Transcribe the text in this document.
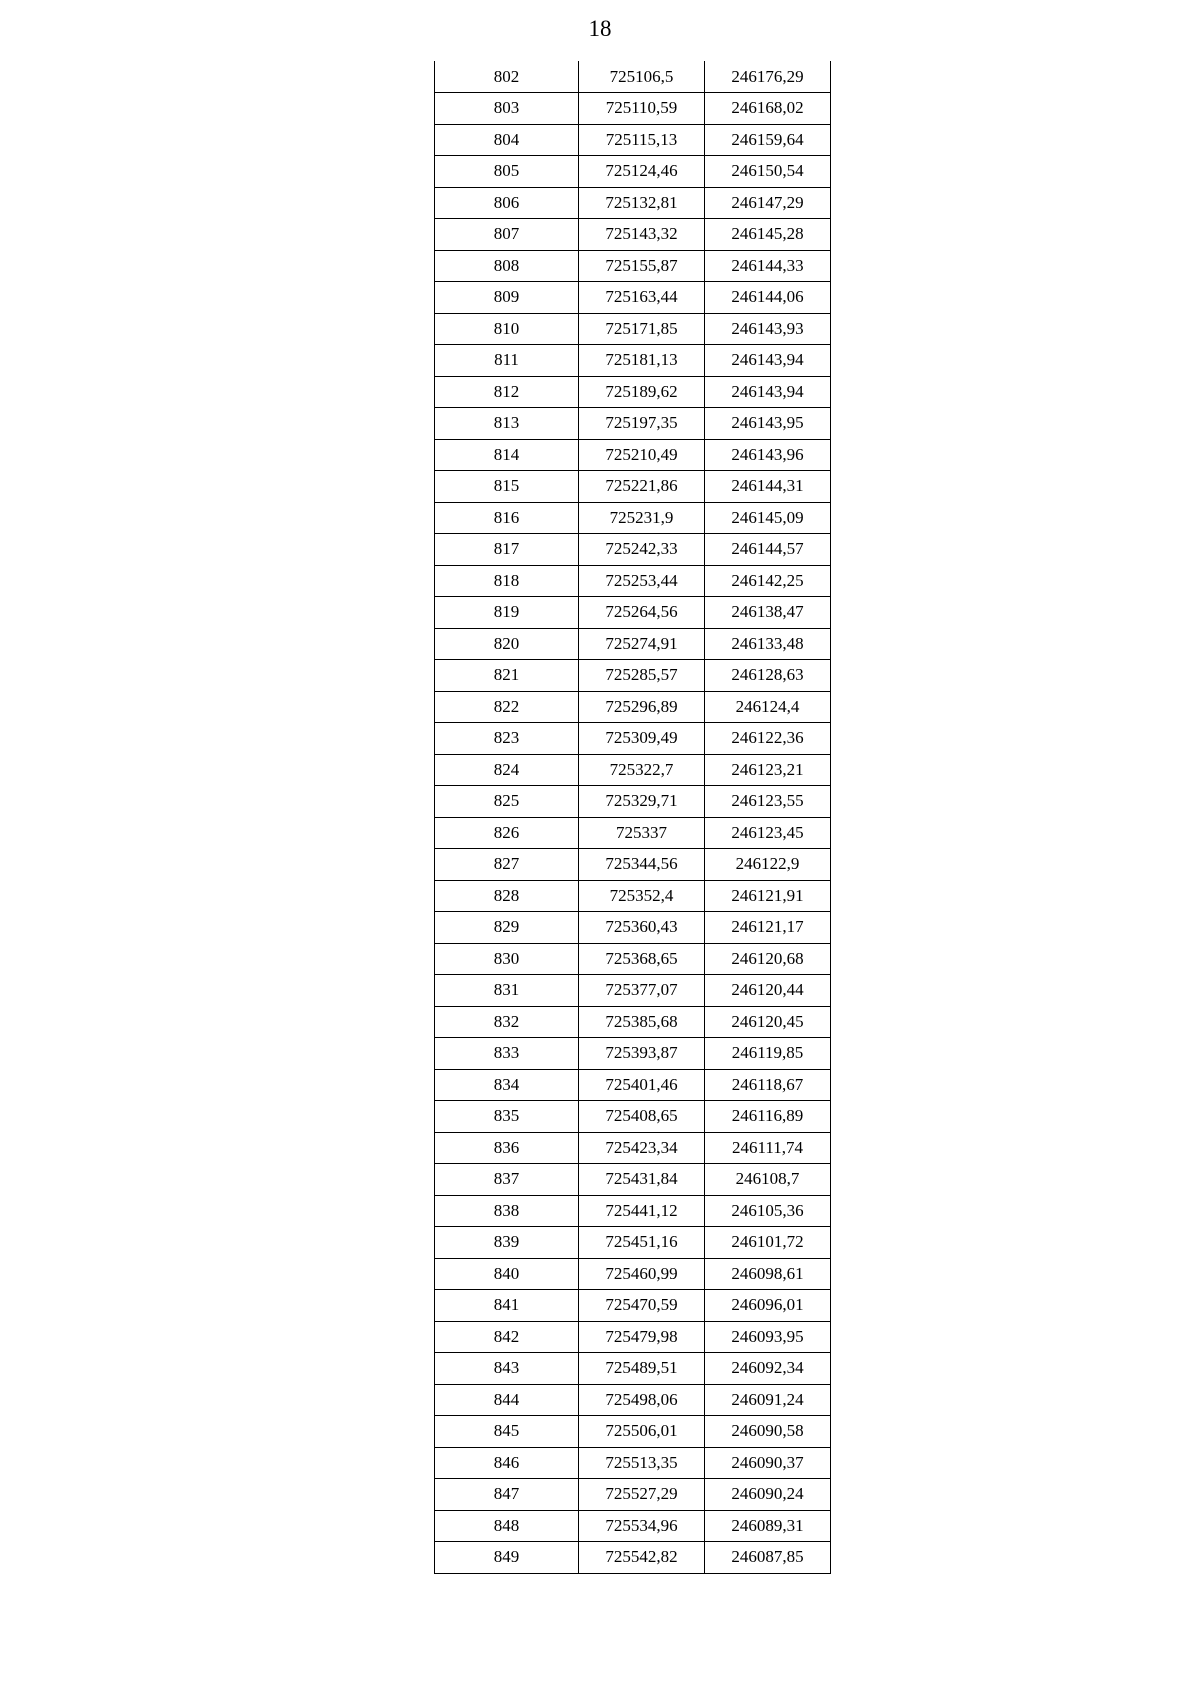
18
802	725106,5	246176,29
803	725110,59	246168,02
804	725115,13	246159,64
805	725124,46	246150,54
806	725132,81	246147,29
807	725143,32	246145,28
808	725155,87	246144,33
809	725163,44	246144,06
810	725171,85	246143,93
811	725181,13	246143,94
812	725189,62	246143,94
813	725197,35	246143,95
814	725210,49	246143,96
815	725221,86	246144,31
816	725231,9	246145,09
817	725242,33	246144,57
818	725253,44	246142,25
819	725264,56	246138,47
820	725274,91	246133,48
821	725285,57	246128,63
822	725296,89	246124,4
823	725309,49	246122,36
824	725322,7	246123,21
825	725329,71	246123,55
826	725337	246123,45
827	725344,56	246122,9
828	725352,4	246121,91
829	725360,43	246121,17
830	725368,65	246120,68
831	725377,07	246120,44
832	725385,68	246120,45
833	725393,87	246119,85
834	725401,46	246118,67
835	725408,65	246116,89
836	725423,34	246111,74
837	725431,84	246108,7
838	725441,12	246105,36
839	725451,16	246101,72
840	725460,99	246098,61
841	725470,59	246096,01
842	725479,98	246093,95
843	725489,51	246092,34
844	725498,06	246091,24
845	725506,01	246090,58
846	725513,35	246090,37
847	725527,29	246090,24
848	725534,96	246089,31
849	725542,82	246087,85
